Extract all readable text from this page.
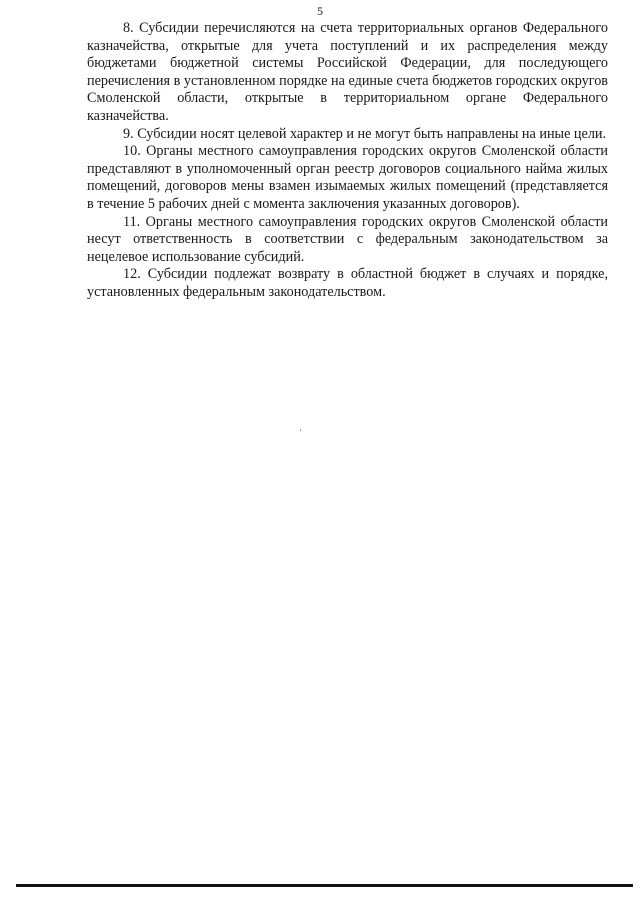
5

8. Субсидии перечисляются на счета территориальных органов Федерального казначейства, открытые для учета поступлений и их распределения между бюджетами бюджетной системы Российской Федерации, для последующего перечисления в установленном порядке на единые счета бюджетов городских округов Смоленской области, открытые в территориальном органе Федерального казначейства.

9. Субсидии носят целевой характер и не могут быть направлены на иные цели.

10. Органы местного самоуправления городских округов Смоленской области представляют в уполномоченный орган реестр договоров социального найма жилых помещений, договоров мены взамен изымаемых жилых помещений (представляется в течение 5 рабочих дней с момента заключения указанных договоров).

11. Органы местного самоуправления городских округов Смоленской области несут ответственность в соответствии с федеральным законодательством за нецелевое использование субсидий.

12. Субсидии подлежат возврату в областной бюджет в случаях и порядке, установленных федеральным законодательством.
